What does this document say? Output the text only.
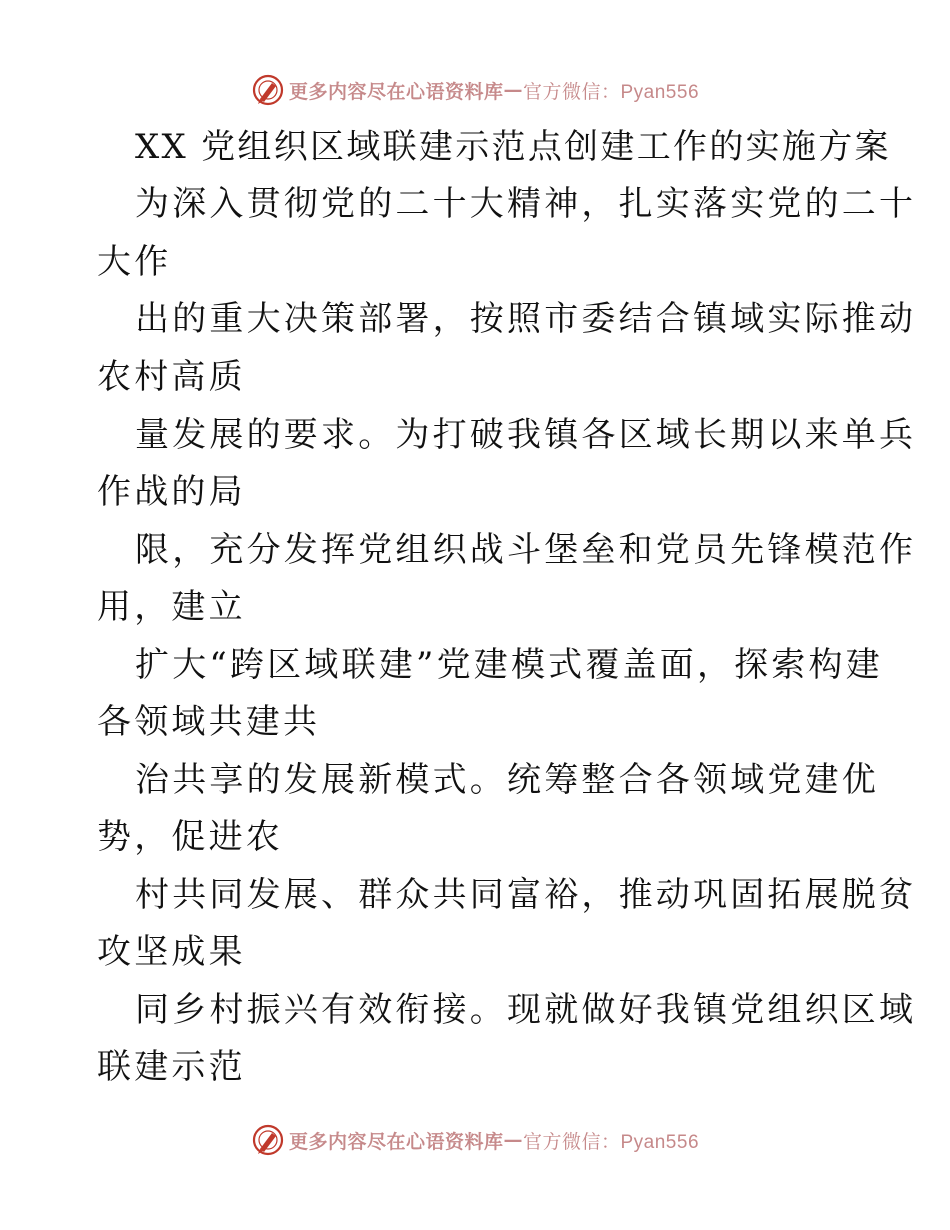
更多内容尽在心语资料库 — 官方微信：Pyan556
XX 党组织区域联建示范点创建工作的实施方案
为深入贯彻党的二十大精神，扎实落实党的二十
大作
出的重大决策部署，按照市委结合镇域实际推动
农村高质
量发展的要求。为打破我镇各区域长期以来单兵
作战的局
限，充分发挥党组织战斗堡垒和党员先锋模范作
用，建立
扩大“跨区域联建”党建模式覆盖面，探索构建
各领域共建共
治共享的发展新模式。统筹整合各领域党建优
势，促进农
村共同发展、群众共同富裕，推动巩固拓展脱贫
攻坚成果
同乡村振兴有效衔接。现就做好我镇党组织区域
联建示范
更多内容尽在心语资料库 — 官方微信：Pyan556
